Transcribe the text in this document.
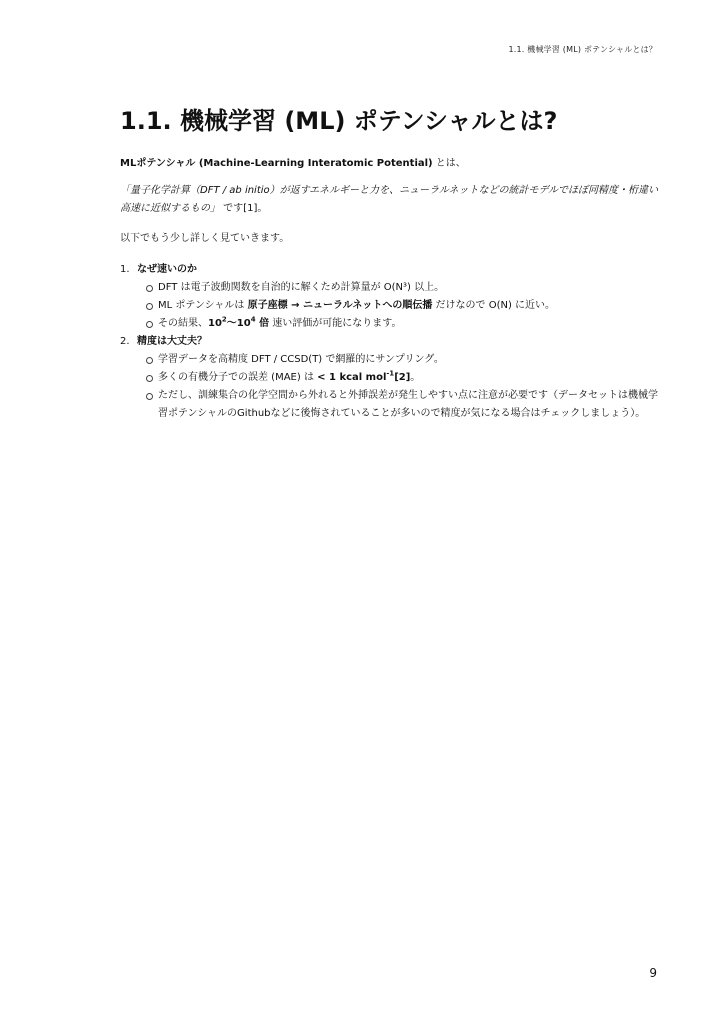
1.1. 機械学習 (ML) ポテンシャルとは？
1.1. 機械学習 (ML) ポテンシャルとは?

MLポテンシャル (Machine-Learning Interatomic Potential) とは、

「量子化学計算（DFT / ab initio）が返すエネルギーと力を、ニューラルネットなどの統計モデルでほぼ同精度・桁違い高速に近似するもの」 です[1]。

以下でもう少し詳しく見ていきます。

1. なぜ速いのか
DFT は電子波動関数を自治的に解くため計算量が O(N³) 以上。
ML ポテンシャルは 原子座標 → ニューラルネットへの順伝播 だけなので O(N) に近い。
その結果、$10^2$〜$10^4$ 倍 速い評価が可能になります。
2. 精度は大丈夫？
学習データを高精度 DFT / CCSD(T) で網羅的にサンプリング。
多くの有機分子での誤差 (MAE) は < 1 kcal mol$^{-1}$[2]。
ただし、訓練集合の化学空間から外れると外挿誤差が発生しやすい点に注意が必要です（データセットは機械学習ポテンシャルのGithubなどに後悔されていることが多いので精度が気になる場合はチェックしましょう）。
9
